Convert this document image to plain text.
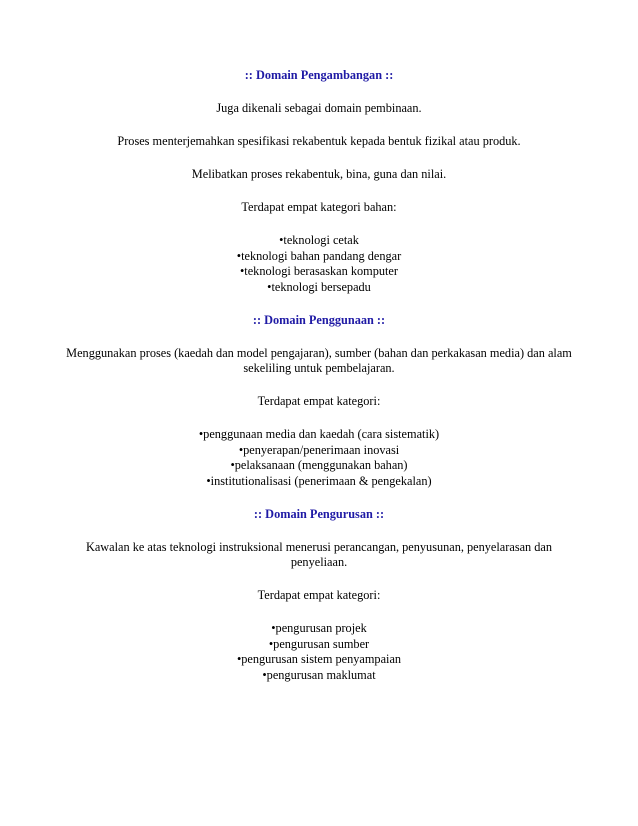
:: Domain Pengambangan ::
Juga dikenali sebagai domain pembinaan.
Proses menterjemahkan spesifikasi rekabentuk kepada bentuk fizikal atau produk.
Melibatkan proses rekabentuk, bina, guna dan nilai.
Terdapat empat kategori bahan:
•teknologi cetak
•teknologi bahan pandang dengar
•teknologi berasaskan komputer
•teknologi bersepadu
:: Domain Penggunaan ::
Menggunakan proses (kaedah dan model pengajaran), sumber (bahan dan perkakasan media) dan alam sekeliling untuk pembelajaran.
Terdapat empat kategori:
•penggunaan media dan kaedah (cara sistematik)
•penyerapan/penerimaan inovasi
•pelaksanaan (menggunakan bahan)
•institutionalisasi (penerimaan & pengekalan)
:: Domain Pengurusan ::
Kawalan ke atas teknologi instruksional menerusi perancangan, penyusunan, penyelarasan dan penyeliaan.
Terdapat empat kategori:
•pengurusan projek
•pengurusan sumber
•pengurusan sistem penyampaian
•pengurusan maklumat
